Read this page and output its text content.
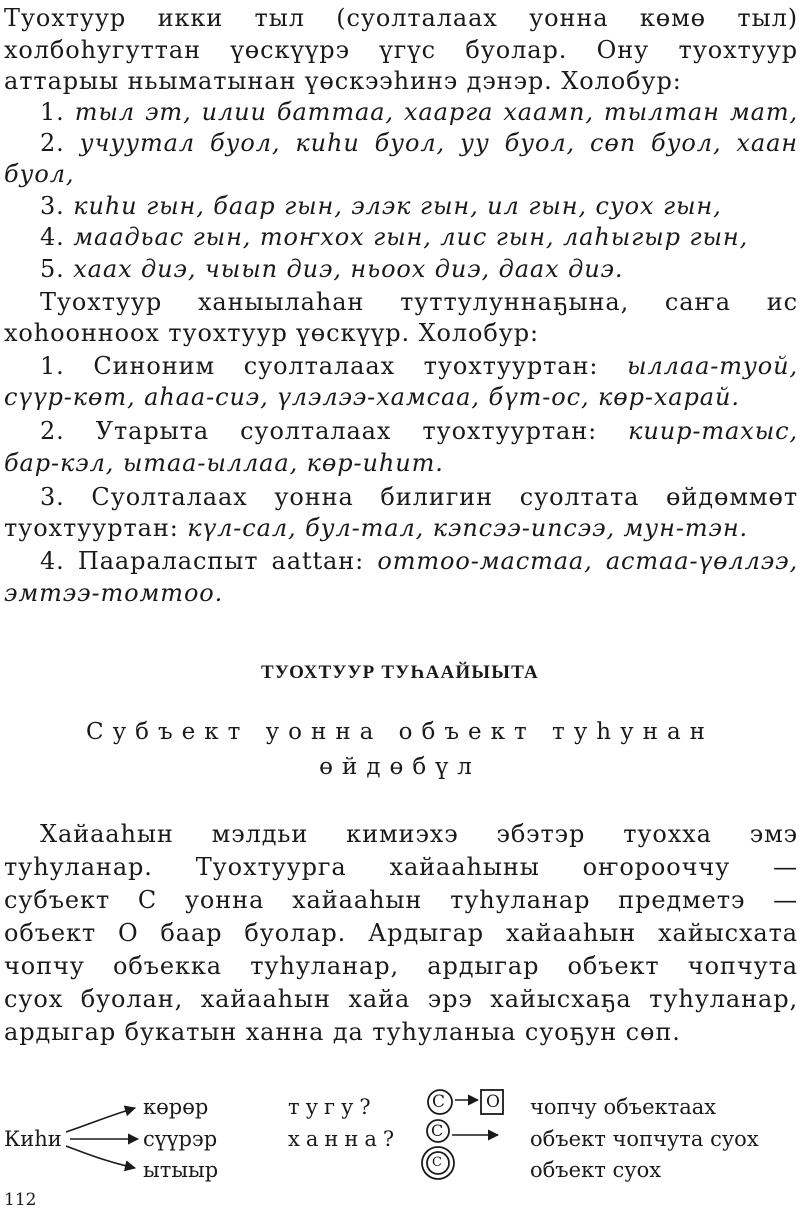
Туохтуур икки тыл (суолталаах уонна көмө тыл)
холбоһугуттан үөскүүрэ үгүс буолар. Ону туохтуур
аттарыы ньыматынан үөскээһинэ дэнэр. Холобур:
1. тыл эт, илии баттаа, хаарга хаамп, тылтан мат,
2. учуутал буол, киһи буол, уу буол, сөп буол, хаан
буол,
3. киһи гын, баар гын, элэк гын, ил гын, суох гын,
4. маадьас гын, тоҥхох гын, лис гын, лаһыгыр гын,
5. хаах диэ, чыып диэ, ньоох диэ, даах диэ.
Туохтуур ханыылаһан туттулуннаҕына, саҥа ис
хоһоонноох туохтуур үөскүүр. Холобур:
1. Синоним суолталаах туохтууртан: ыллаа-туой,
сүүр-көт, аһаа-сиэ, үлэлээ-хамсаа, бүт-ос, көр-харай.
2. Утарыта суолталаах туохтууртан: киир-тахыс,
бар-кэл, ытаа-ыллаа, көр-иһит.
3. Суолталаах уонна билигин суолтата өйдөммөт
туохтууртан: күл-сал, бул-тал, кэпсээ-ипсээ, мун-тэн.
4. Паараласпыт аattан: оттоо-мастаа, астаа-үөллээ,
эмтээ-томтоо.
ТУОХТУУР ТУҺААЙЫЫТА
Субъект уонна объект туһунан
өйдөбүл
Хайааһын мэлдьи кимиэхэ эбэтэр туохха эмэ
туһуланар. Туохтуурга хайааһыны оҥорооччу —
субъект С уонна хайааһын туһуланар предметэ —
объект О баар буолар. Ардыгар хайааһын хайысхата
чопчу объекка туһуланар, ардыгар объект чопчута
суох буолан, хайааһын хайа эрэ хайысхаҕа туһуланар,
ардыгар букатын ханна да туһуланыа суоҕун сөп.
Киһи
көрөр
сүүрэр
ытыыр
тугу?
ханна?
C O
C
C
чопчу объектаах
объект чопчута суох
объект суох
112
